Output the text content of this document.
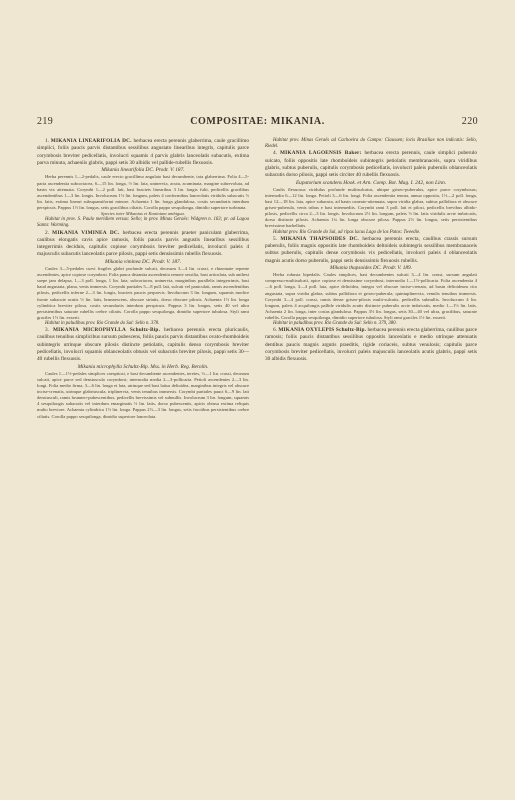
219	COMPOSITAE: MIKANIA.	220

1. MIKANIA LINEARIFOLIA DC. herbacea erecta perennis glaberrima, caule gracillimo simplici, foliis paucis parvis distantibus sessilibus angustato linearibus integris, capitulis parce corymbosis breviter pedicellatis, involucri squamis 4 parvis glabris lanceolatis subacutis, extima parva minuta, achaeniis glabris, pappi setis 30 albidis vel pallide-rubellis flexuosis.

Mikania linearifolia DC. Prodr. V. 187.

Herba perennis 1—2-pedalis, caule erecto gracillimo angulato basi decumbente, tota glaberrima. Folia 4—5-paria ascendentia subcoriacea, 6—15 lin. longa, ½ lin. lata, uninervia, acuta, acuminata, margine subrevoluta, ad basin vix attenuata. Corymbi 1—2 poll. lati, basi bracteis linearibus 3 lin. longis fulti, pedicellis gracilibus ascendentibus 1—3 lin. longis. Involucrum 1½ lin. longum, paleis 4 conformibus lanceolatis viridulis subacutis ⅓ lin. latis, extima lineari subsquamiformi minore. Achaenia 1 lin. longa glandulosa, costis secundariis interdum perspicuis. Pappus 1½ lin. longus, setis gracilibus ciliatis. Corolla pappo sesquilonga, dimidio superiore turbinata.

Species inter Mikanias et Kaniniam ambigua.

Habitat in prov. S. Paulo meridiem versus: Sello; in prov. Minas Geraës: Widgren n. 163; pr. ad Lagoa Santa: Warming.

2. MIKANIA VIMINEA DC. herbacea erecta perennis praeter paniculam glaberrima, caulibus elongatis cavis apice ramosis, foliis paucis parvis angustis linearibus sessilibus integerrimis deciduis, capitulis copiose corymbosis breviter pedicellatis, involucri paleis 4 majusculis subacutis lanceolatis parce pilosis, pappi setis densissimis rubellis flexuosis.

Mikania viminea DC. Prodr. V. 187.

Caules 3—5-pedales curvi fragiles glabri profunde sulcati, deorsum 3—4 lin. crassi, e rhizomate repente ascendentes, apice copiose corymbosi. Folia pauca distantia ascendentia remote sessilia, basi articulata, sub anthesi saepe jam delapsa, 1—3 poll. longa, 1 lin. lata, subcoriacea, uninervia, marginibus parallelis integerrimis, basi haud angustata, plana, venis immersis. Corymbi partiales 5—8 poll. lati, sulcati vel paniculati, ramis ascendentibus pilosis, pedicellis inferne 2—3 lin. longis, bracteis paucis perparvis. Involucrum 3 lin. longum, squamis modice fronte subacute acutis ½ lin. latis, brunnescens, obscure striatis, dorso obscure pilosis. Achaenia 1½ lin. longa cylindrica breviter pilosa, costis secundariis interdum perspicuis. Pappus 3 lin. longus, setis 40 vel ultra persistentibus saturate rubellis crebre ciliatis. Corolla pappo sesquilonga, dimidio superiore tubulosa. Styli rami graciles 1½ lin. exserti.

Habitat in paludibus prov. Rio Grande do Sul: Sello n. 378.

3. MIKANIA MICROPHYLLA Schultz-Bip. herbacea perennis erecta pluricaulis, caulibus tenuibus simplicibus sursum pubescens, foliis paucis parvis distantibus ovato-rhomboideis subintegris utrinque obscure pilosis distincte petiolatis, capitulis denso corymbosis breviter pedicellatis, involucri squamis oblanceolatis obtusis vel subacutis breviter pilosis, pappi setis 30—40 rubellis flexuosis.

Mikania microphylla Schultz-Bip. Mss. in Herb. Reg. Berolin.

Caules 1—1½-pedales simplices caespitosi, e basi decumbente ascendentes, teretes, ½—1 lin. crassi, deorsum sulcati, apice parce sed densiusculo corymbosi; internodia media 2—3-pollicaria. Petioli ascendentes 2—3 lin. longi. Folia medio firma, 3—6 lin. longa et lata, utrinque sed basi latius deltoidea, marginibus integris vel obscure incise-crenatis, utrinque glabriuscula, triplinervia, venis tenuibus immersis. Corymbi partiales pauci 6—9 lin. lati densiusculi, ramis brunneo-pubescentibus, pedicellis brevissimis vel subnullis. Involucrum 3 lin. longum, squamis 4 sesquilongis subacutis vel interdum emarginatis ⅓ lin. latis, dorso pubescentis, apicis obtusa extima reliquis multo breviore. Achaenia cylindrica 1½ lin. longa. Pappus 2⅓—3 lin. longus, setis fructibus persistentibus crebre ciliatis. Corolla pappo sesquilonga, dimidio superiore lanceolata.

Habitat prov. Minas Geraës ad Cachoeira do Campo: Claussen; locis Brasiliae non indicatis: Sello, Riedel.

4. MIKANIA LAGOENSIS Baker: herbacea erecta perennis, caule simplici puberulo sulcato, foliis oppositis late rhomboideis subintegris petiolatis membranaceis, supra viridibus glabris, subtus puberulis, capitulis corymbosis pedicellatis, involucri paleis puberulis oblanceolatis subacutis dorso pilosis, pappi setis circiter 40 rubellis flexuosis.

Eupatorium scandens Hook. et Arn. Comp. Bot. Mag. I. 242, non Linn.

Caulis flexuosus viridulus profunde multisulcatus, ubique griseo-puberulus, apice parce corymbosus; internodia 6—12 lin. longa. Petioli 3—6 lin. longi. Folia ascendentia tenuia, annua opposita, 1½—2 poll. longa, basi 12—18 lin. lata, apice subacuta, ad basin cuneato-attenuata, supra viridia glabra, subtus pallidiora et obscure griseo-puberula, venis tribus e basi intermediis. Corymbi rami 3 poll. lati et pilosi, pedicellis brevibus albido-pilosis, pedicellis circa 2—3 lin. longis. Involucrum 2⅓ lin. longum, paleis ½ lin. latis viridulis arcte imbricatis, dorso distincte pilosis. Achaenia 1¼ lin. longa obscure pilosa. Pappus 2⅓ lin. longus, setis persistentibus brevissime barbellatis.

Habitat prov. Rio Grande do Sul, ad ripas lacus Lago de los Patos: Tweedie.

5. MIKANIA THAPSOIDES DC. herbacea perennis erecta, caulibus crassis sursum puberulis, foliis magnis oppositis late rhomboideis deltoideis subintegris sessilibus membranaceis subtus puberulis, capitulis dense corymbosis vix pedicellatis, involucri paleis 4 oblanceolatis magnis acutis dorso puberulis, pappi setis densissimis flexuosis rubellis.

Mikania thapsoides DC. Prodr. V. 189.

Herba robusta bipedalis. Caules simplices, basi decumbentes sulcati 3—4 lin. crassi, sursum angulati compresso-multisulcati, apice copiose et densissime corymbosi; internodia 1—1½-pollicaria. Folia ascendentia 4—6 poll. longa, 3—4 poll. lata, apice deltoidea, integra vel obscure incise-crenata, ad basin deltoideum cito angustata, supra viridia glabra, subtus pallidiora et griseo-puberula, quintuplinervia, venulis tenuibus immersis. Corymbi 3—4 poll. crassi, ramis dense griseo-pilosis multi-sulcatis, pedicellis subnullis. Involucrum 4 lin. longum, paleis 4 acquilongis pallide viridulis acutis distincte puberulis arcte imbricatis, medio 1—1½ lin. latis. Achaenia 2 lin. longa, inter costas glandulosa. Pappus 3½ lin. longus, setis 30—40 vel ultra, gracilibus, saturate rubellis. Corolla pappo sesquilonga, dimidio superiore tubulosa. Styli rami graciles 1½ lin. exserti.

Habitat in paludibus prov. Rio Grande do Sul: Sello n. 379, 380.

6. MIKANIA OXYLEPIS Schultz-Bip. herbacea perennis erecta glaberrima, caulibus parce ramosis; foliis paucis distantibus sessilibus oppositis lanceolatis e medio utrinque attenuatis dentibus paucis magnis argutis praeditis, rigide coriaceis, subtus venulosis; capitulis parce corymbosis breviter pedicellatis, involucri paleis majusculis lanceolatis acutis glabris, pappi setis 30 albidis flexuosis.
